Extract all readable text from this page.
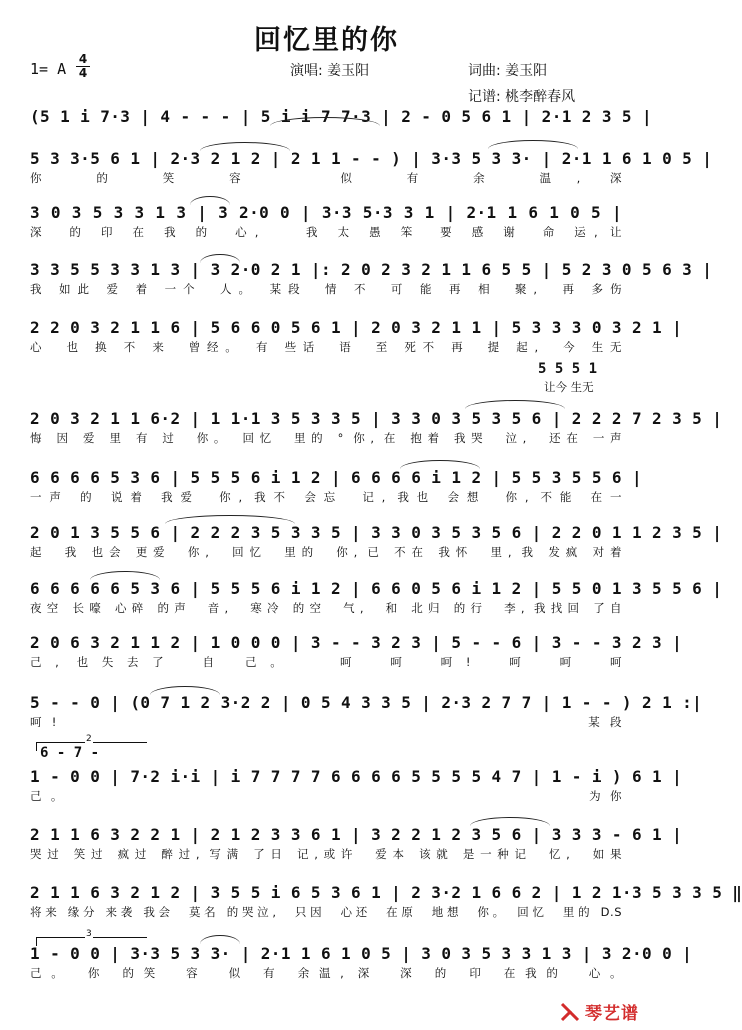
回忆里的你
1= A
4
4	演唱: 姜玉阳	词曲: 姜玉阳
记谱: 桃李醉春风
(5 1 i 7·3 | 4 - - - | 5 i i 7 7·3 | 2 - 0 5 6 1 | 2·1 2 3 5 |
5 3 3·5 6 1 | 2·3 2 1 2 | 2 1 1 - - ) | 3·3 5 3 3· | 2·1 1 6 1 0 5 |
你 的 笑 容　　似 有 余 温, 深
3 0 3 5 3 3 1 3 | 3 2·0 0 | 3·3 5·3 3 1 | 2·1 1 6 1 0 5 |
深　的 印 在 我 的　心,　　我 太 愚 笨　要 感 谢　命 运, 让
3 3 5 5 3 3 1 3 | 3 2·0 2 1 |: 2 0 2 3 2 1 1 6 5 5 | 5 2 3 0 5 6 3 |
我 如此 爱 着 一个　人。　某段　情 不　可 能 再 相　聚,　再 多伤
2 2 0 3 2 1 1 6 | 5 6 6 0 5 6 1 | 2 0 3 2 1 1 | 5 3 3 3 0 3 2 1 |
心　也 换 不 来　曾经。　有 些话　语　至 死不 再　提 起,　今 生无
5 5 5 1
让今 生无
2 0 3 2 1 1 6·2 | 1 1·1 3 5 3 3 5 | 3 3 0 3 5 3 5 6 | 2 2 2 7 2 3 5 |
悔 因 爱 里 有 过　你。　回忆　里的 ° 你, 在 抱着 我哭　泣,　还在 一声
6 6 6 6 5 3 6 | 5 5 5 6 i 1 2 | 6 6 6 6 i 1 2 | 5 5 3 5 5 6 |
一声 的 说着 我爱　你, 我不 会忘　记, 我也 会想　你, 不能 在一
2 0 1 3 5 5 6 | 2 2 2 3 5 3 3 5 | 3 3 0 3 5 3 5 6 | 2 2 0 1 1 2 3 5 |
起　我 也会 更爱　你,　回忆　里的　你, 已 不在 我怀　里, 我 发疯 对着
6 6 6 6 6 5 3 6 | 5 5 5 6 i 1 2 | 6 6 0 5 6 i 1 2 | 5 5 0 1 3 5 5 6 |
夜空 长嚎 心碎 的声　音,　寒冷 的空　气,　和 北归 的行　李, 我找回 了自
2 0 6 3 2 1 1 2 | 1 0 0 0 | 3 - - 3 2 3 | 5 - - 6 | 3 - - 3 2 3 |
己, 也失去了　自 己。　　呵　呵　呵!　呵　呵　呵
5 - - 0 | (0 7 1 2 3·2 2 | 0 5 4 3 3 5 | 2·3 2 7 7 | 1 - - ) 2 1 :|
呵!　　　　　　　　　　　　　　　　　　　　　　　　某段
2
6 - 7 -
1 - 0 0 | 7·2 i·i | i 7 7 7 7 6 6 6 6 5 5 5 5 4 7 | 1 - i ) 6 1 |
己。　　　　　　　　　　　　　　　　　　　　　　　　　为你
2 1 1 6 3 2 2 1 | 2 1 2 3 3 6 1 | 3 2 2 1 2 3 5 6 | 3 3 3 - 6 1 |
哭过 笑过 疯过 醉过, 写满 了日 记,或许　爱本 该就 是一种记　忆,　如果
2 1 1 6 3 2 1 2 | 3 5 5 i 6 5 3 6 1 | 2 3·2 1 6 6 2 | 1 2 1·3 5 3 3 5 ‖
将来 缘分 来袭 我会　莫名 的哭泣,　只因　心还　在原　地想　你。　回忆　里的 D.S
3
1 - 0 0 | 3·3 5 3 3· | 2·1 1 6 1 0 5 | 3 0 3 5 3 3 1 3 | 3 2·0 0 |
己。　你 的笑　容　似 有 余温, 深　深 的 印 在我的　心。
琴艺谱
